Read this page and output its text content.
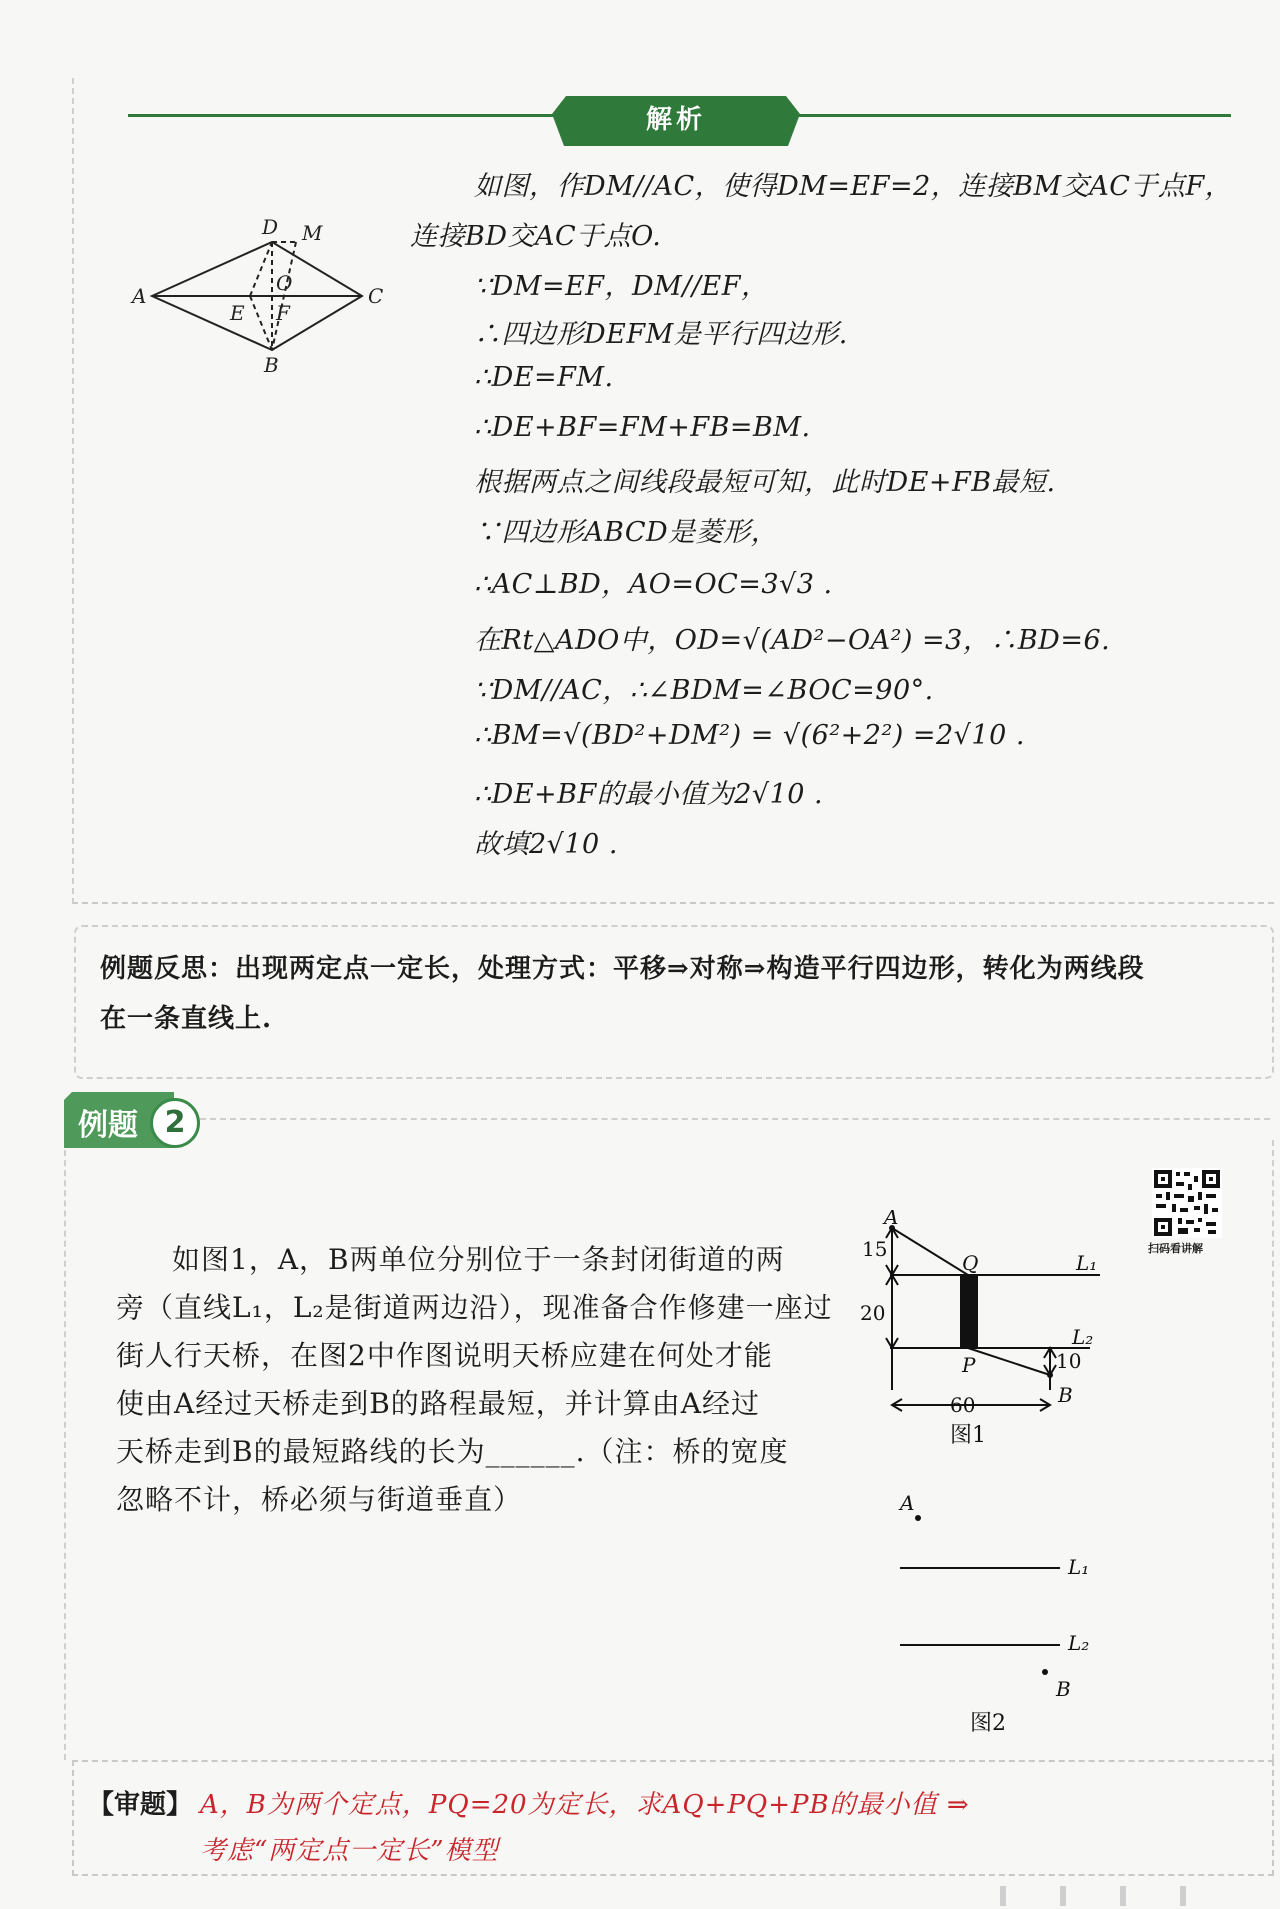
解析
A	C
D M
O
E F
B
如图，作DM//AC，使得DM=EF=2，连接BM交AC于点F，
连接BD交AC于点O.
∵DM=EF，DM//EF，
∴四边形DEFM是平行四边形.
∴DE=FM.
∴DE+BF=FM+FB=BM.
根据两点之间线段最短可知，此时DE+FB最短.
∵四边形ABCD是菱形，
∴AC⊥BD，AO=OC=3√3 .
在Rt△ADO中，OD=√(AD²−OA²) =3，∴BD=6.
∵DM//AC，∴∠BDM=∠BOC=90°.
∴BM=√(BD²+DM²) = √(6²+2²) =2√10 .
∴DE+BF的最小值为2√10 .
故填2√10 .
例题反思：出现两定点一定长，处理方式：平移⇒对称⇒构造平行四边形，转化为两线段
在一条直线上.
例题 2
扫码看讲解
如图1，A，B两单位分别位于一条封闭街道的两
旁（直线L₁，L₂是街道两边沿），现准备合作修建一座过
街人行天桥，在图2中作图说明天桥应建在何处才能
使由A经过天桥走到B的路程最短，并计算由A经过
天桥走到B的最短路线的长为______.（注：桥的宽度
忽略不计，桥必须与街道垂直）
A
Q
P
B
L₁
L₂
15
20
10
60
图1
A
L₁
L₂
B
图2
【审题】 A，B为两个定点，PQ=20为定长，求AQ+PQ+PB的最小值 ⇒
考虑“两定点一定长”模型
